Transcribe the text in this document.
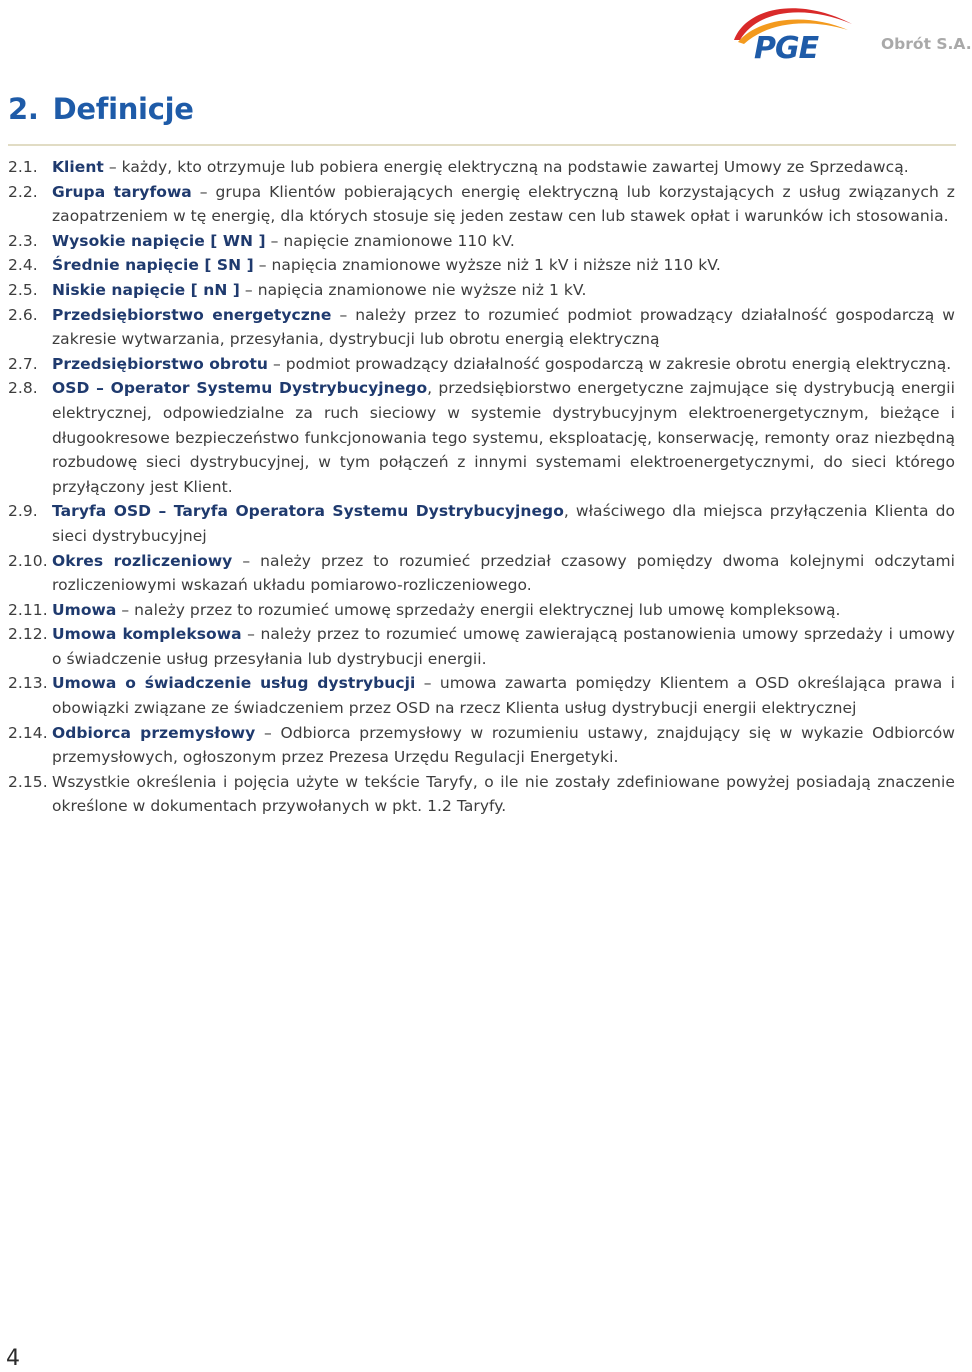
PGE	Obrót S.A.
2. Definicje
2.1. Klient – każdy, kto otrzymuje lub pobiera energię elektryczną na podstawie zawartej Umowy ze Sprzedawcą.
2.2. Grupa taryfowa – grupa Klientów pobierających energię elektryczną lub korzystających z usług związanych z zaopatrzeniem w tę energię, dla których stosuje się jeden zestaw cen lub stawek opłat i warunków ich stosowania.
2.3. Wysokie napięcie [ WN ] – napięcie znamionowe 110 kV.
2.4. Średnie napięcie [ SN ] – napięcia znamionowe wyższe niż 1 kV i niższe niż 110 kV.
2.5. Niskie napięcie [ nN ] – napięcia znamionowe nie wyższe niż 1 kV.
2.6. Przedsiębiorstwo energetyczne – należy przez to rozumieć podmiot prowadzący działalność gospodarczą w zakresie wytwarzania, przesyłania, dystrybucji lub obrotu energią elektryczną
2.7. Przedsiębiorstwo obrotu – podmiot prowadzący działalność gospodarczą w zakresie obrotu energią elektryczną.
2.8. OSD – Operator Systemu Dystrybucyjnego, przedsiębiorstwo energetyczne zajmujące się dystrybucją energii elektrycznej, odpowiedzialne za ruch sieciowy w systemie dystrybucyjnym elektroenergetycznym, bieżące i długookresowe bezpieczeństwo funkcjonowania tego systemu, eksploatację, konserwację, remonty oraz niezbędną rozbudowę sieci dystrybucyjnej, w tym połączeń z innymi systemami elektroenergetycznymi, do sieci którego przyłączony jest Klient.
2.9. Taryfa OSD – Taryfa Operatora Systemu Dystrybucyjnego, właściwego dla miejsca przyłączenia Klienta do sieci dystrybucyjnej
2.10. Okres rozliczeniowy – należy przez to rozumieć przedział czasowy pomiędzy dwoma kolejnymi odczytami rozliczeniowymi wskazań układu pomiarowo-rozliczeniowego.
2.11. Umowa – należy przez to rozumieć umowę sprzedaży energii elektrycznej lub umowę kompleksową.
2.12. Umowa kompleksowa – należy przez to rozumieć umowę zawierającą postanowienia umowy sprzedaży i umowy o świadczenie usług przesyłania lub dystrybucji energii.
2.13. Umowa o świadczenie usług dystrybucji – umowa zawarta pomiędzy Klientem a OSD określająca prawa i obowiązki związane ze świadczeniem przez OSD na rzecz Klienta usług dystrybucji energii elektrycznej
2.14. Odbiorca przemysłowy – Odbiorca przemysłowy w rozumieniu ustawy, znajdujący się w wykazie Odbiorców przemysłowych, ogłoszonym przez Prezesa Urzędu Regulacji Energetyki.
2.15. Wszystkie określenia i pojęcia użyte w tekście Taryfy, o ile nie zostały zdefiniowane powyżej posiadają znaczenie określone w dokumentach przywołanych w pkt. 1.2 Taryfy.
4
